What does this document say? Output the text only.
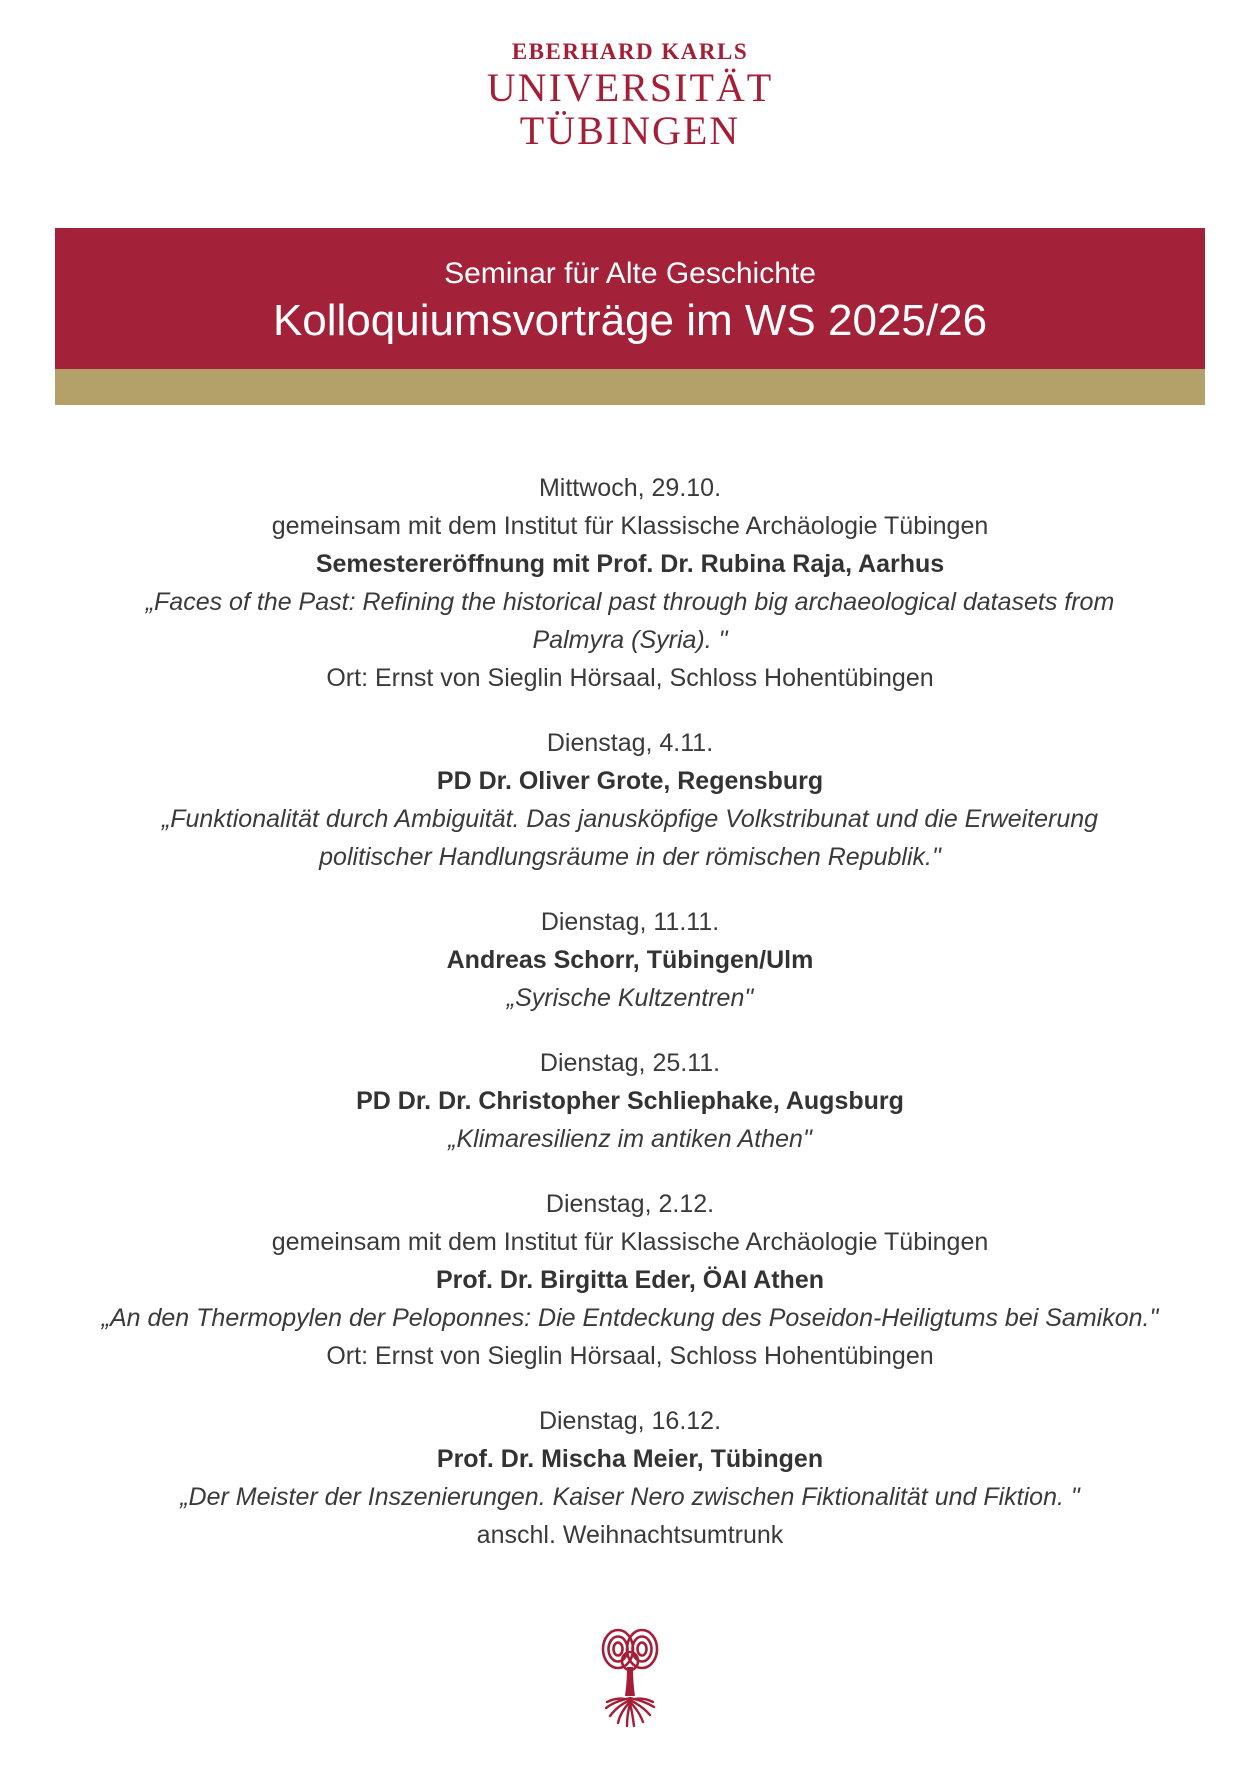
EBERHARD KARLS
UNIVERSITÄT
TÜBINGEN
Seminar für Alte Geschichte
Kolloquiumsvorträge im WS 2025/26
Mittwoch, 29.10.
gemeinsam mit dem Institut für Klassische Archäologie Tübingen
Semestereröffnung mit Prof. Dr. Rubina Raja, Aarhus
„Faces of the Past: Refining the historical past through big archaeological datasets from
Palmyra (Syria). "
Ort: Ernst von Sieglin Hörsaal, Schloss Hohentübingen
Dienstag, 4.11.
PD Dr. Oliver Grote, Regensburg
„Funktionalität durch Ambiguität. Das janusköpfige Volkstribunat und die Erweiterung
politischer Handlungsräume in der römischen Republik."
Dienstag, 11.11.
Andreas Schorr, Tübingen/Ulm
„Syrische Kultzentren"
Dienstag, 25.11.
PD Dr. Dr. Christopher Schliephake, Augsburg
„Klimaresilienz im antiken Athen"
Dienstag, 2.12.
gemeinsam mit dem Institut für Klassische Archäologie Tübingen
Prof. Dr. Birgitta Eder, ÖAI Athen
„An den Thermopylen der Peloponnes: Die Entdeckung des Poseidon-Heiligtums bei Samikon."
Ort: Ernst von Sieglin Hörsaal, Schloss Hohentübingen
Dienstag, 16.12.
Prof. Dr. Mischa Meier, Tübingen
„Der Meister der Inszenierungen. Kaiser Nero zwischen Fiktionalität und Fiktion. "
anschl. Weihnachtsumtrunk
